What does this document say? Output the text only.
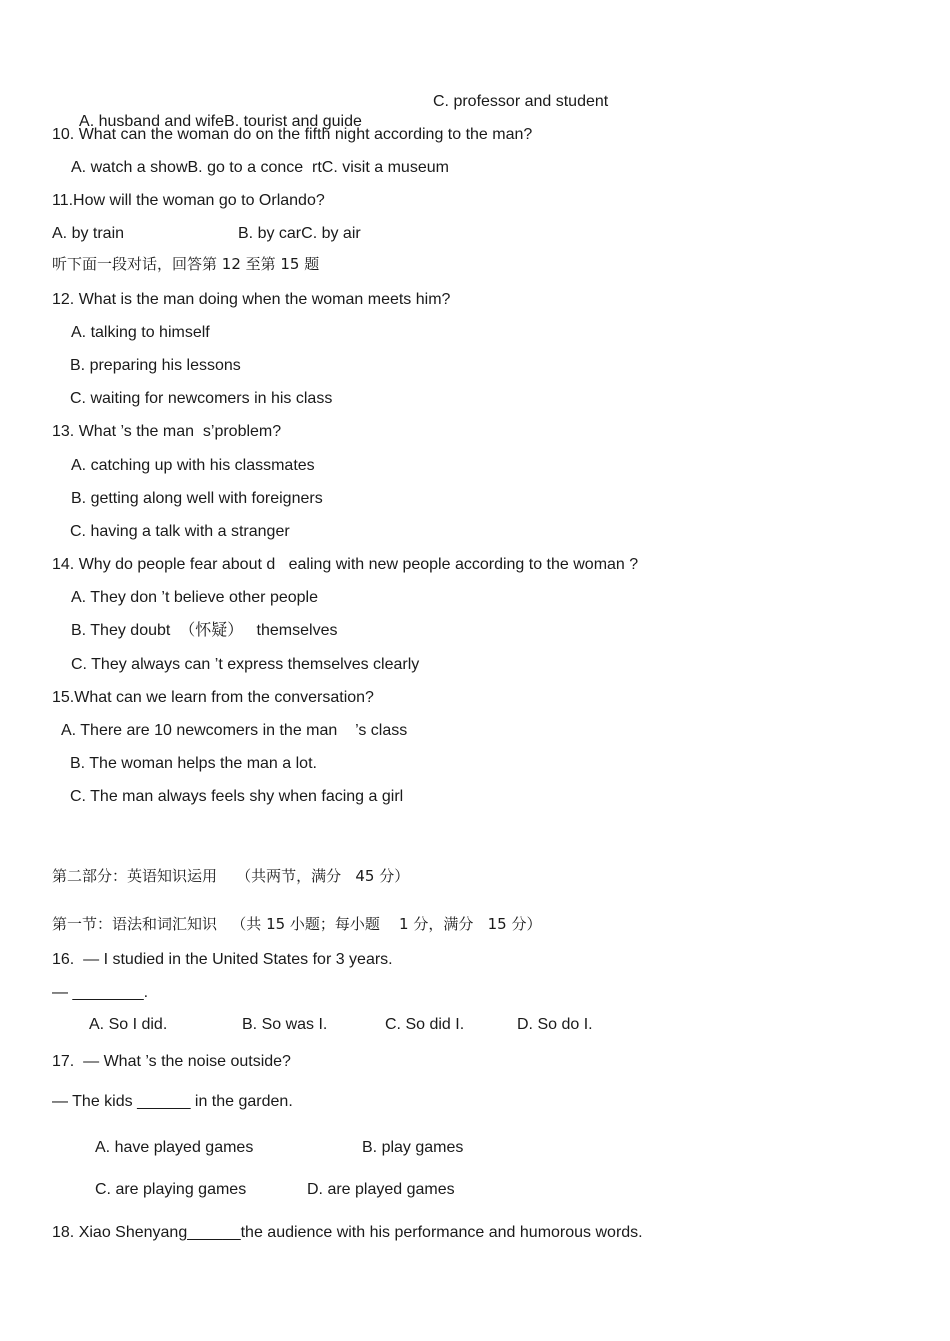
A. husband and wifeB. tourist and guide

C. professor and student
10. What can the woman do on the fifth night according to the man?
A. watch a showB. go to a conce  rtC. visit a museum
11.How will the woman go to Orlando?
A. by train	B. by carC. by air
听下面一段对话，回答第 12 至第 15 题
12. What is the man doing when the woman meets him?
A. talking to himself
B. preparing his lessons
C. waiting for newcomers in his class
13. What ’s the man  s’problem?
A. catching up with his classmates
B. getting along well with foreigners
C. having a talk with a stranger
14. Why do people fear about d   ealing with new people according to the woman ?
A. They don ’t believe other people
B. They doubt  （怀疑）   themselves
C. They always can ’t express themselves clearly
15.What can we learn from the conversation?
A. There are 10 newcomers in the man    ’s class
B. The woman helps the man a lot.
C. The man always feels shy when facing a girl
第二部分：英语知识运用    （共两节，满分   45 分）
第一节：语法和词汇知识   （共 15 小题；每小题    1 分，满分   15 分）
16.  — I studied in the United States for 3 years.
— ________.
A. So I did.	B. So was I.	C. So did I.	D. So do I.
17.  — What ’s the noise outside?
— The kids ______ in the garden.
A. have played games	B. play games
C. are playing games	D. are played games
18. Xiao Shenyang______the audience with his performance and humorous words.
